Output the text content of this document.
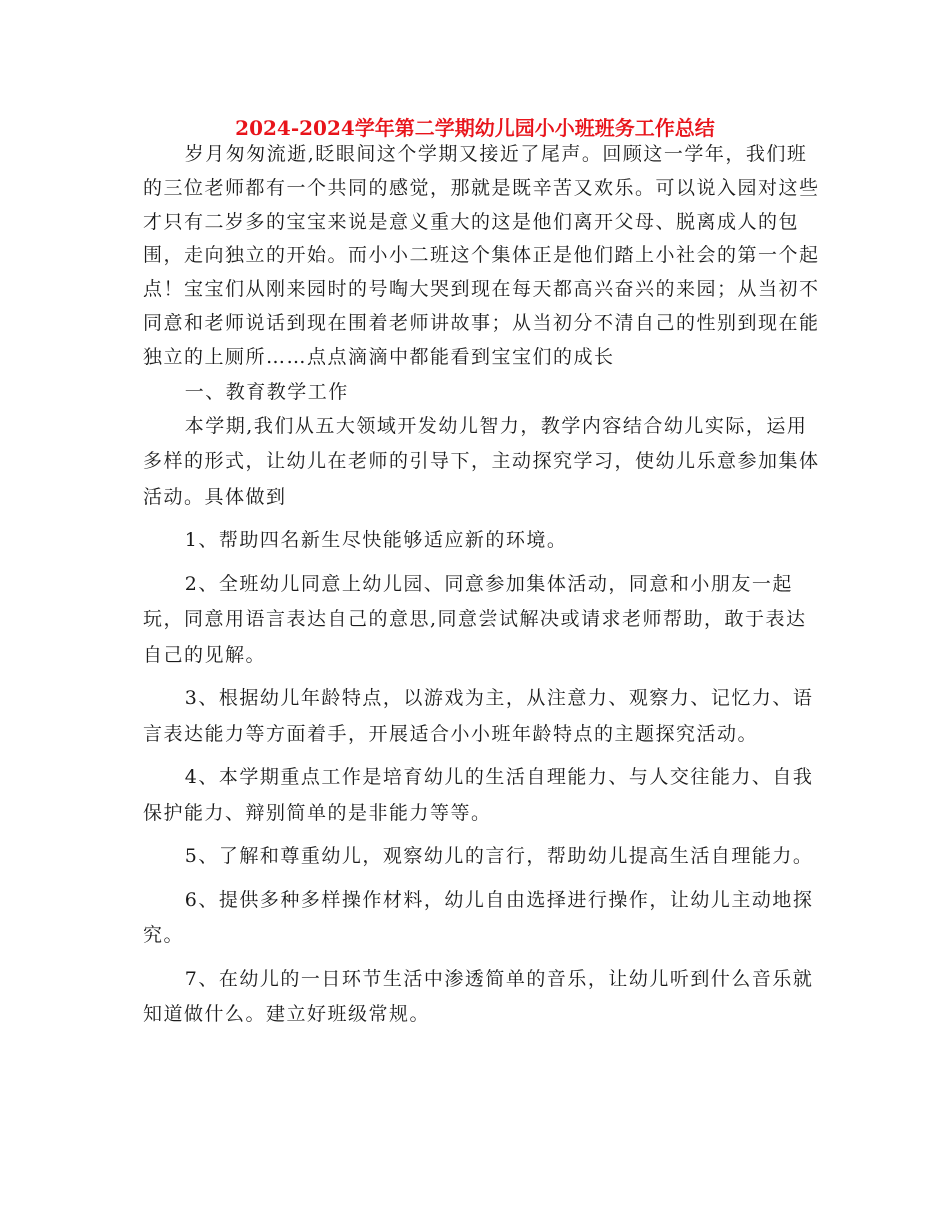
2024-2024学年第二学期幼儿园小小班班务工作总结

岁月匆匆流逝,眨眼间这个学期又接近了尾声。回顾这一学年，我们班的三位老师都有一个共同的感觉，那就是既辛苦又欢乐。可以说入园对这些才只有二岁多的宝宝来说是意义重大的这是他们离开父母、脱离成人的包围，走向独立的开始。而小小二班这个集体正是他们踏上小社会的第一个起点！宝宝们从刚来园时的号啕大哭到现在每天都高兴奋兴的来园；从当初不同意和老师说话到现在围着老师讲故事；从当初分不清自己的性别到现在能独立的上厕所……点点滴滴中都能看到宝宝们的成长

一、教育教学工作

本学期,我们从五大领域开发幼儿智力，教学内容结合幼儿实际，运用多样的形式，让幼儿在老师的引导下，主动探究学习，使幼儿乐意参加集体活动。具体做到

1、帮助四名新生尽快能够适应新的环境。

2、全班幼儿同意上幼儿园、同意参加集体活动，同意和小朋友一起玩，同意用语言表达自己的意思,同意尝试解决或请求老师帮助，敢于表达自己的见解。

3、根据幼儿年龄特点，以游戏为主，从注意力、观察力、记忆力、语言表达能力等方面着手，开展适合小小班年龄特点的主题探究活动。

4、本学期重点工作是培育幼儿的生活自理能力、与人交往能力、自我保护能力、辩别简单的是非能力等等。

5、了解和尊重幼儿，观察幼儿的言行，帮助幼儿提高生活自理能力。

6、提供多种多样操作材料，幼儿自由选择进行操作，让幼儿主动地探究。

7、在幼儿的一日环节生活中渗透简单的音乐，让幼儿听到什么音乐就知道做什么。建立好班级常规。
